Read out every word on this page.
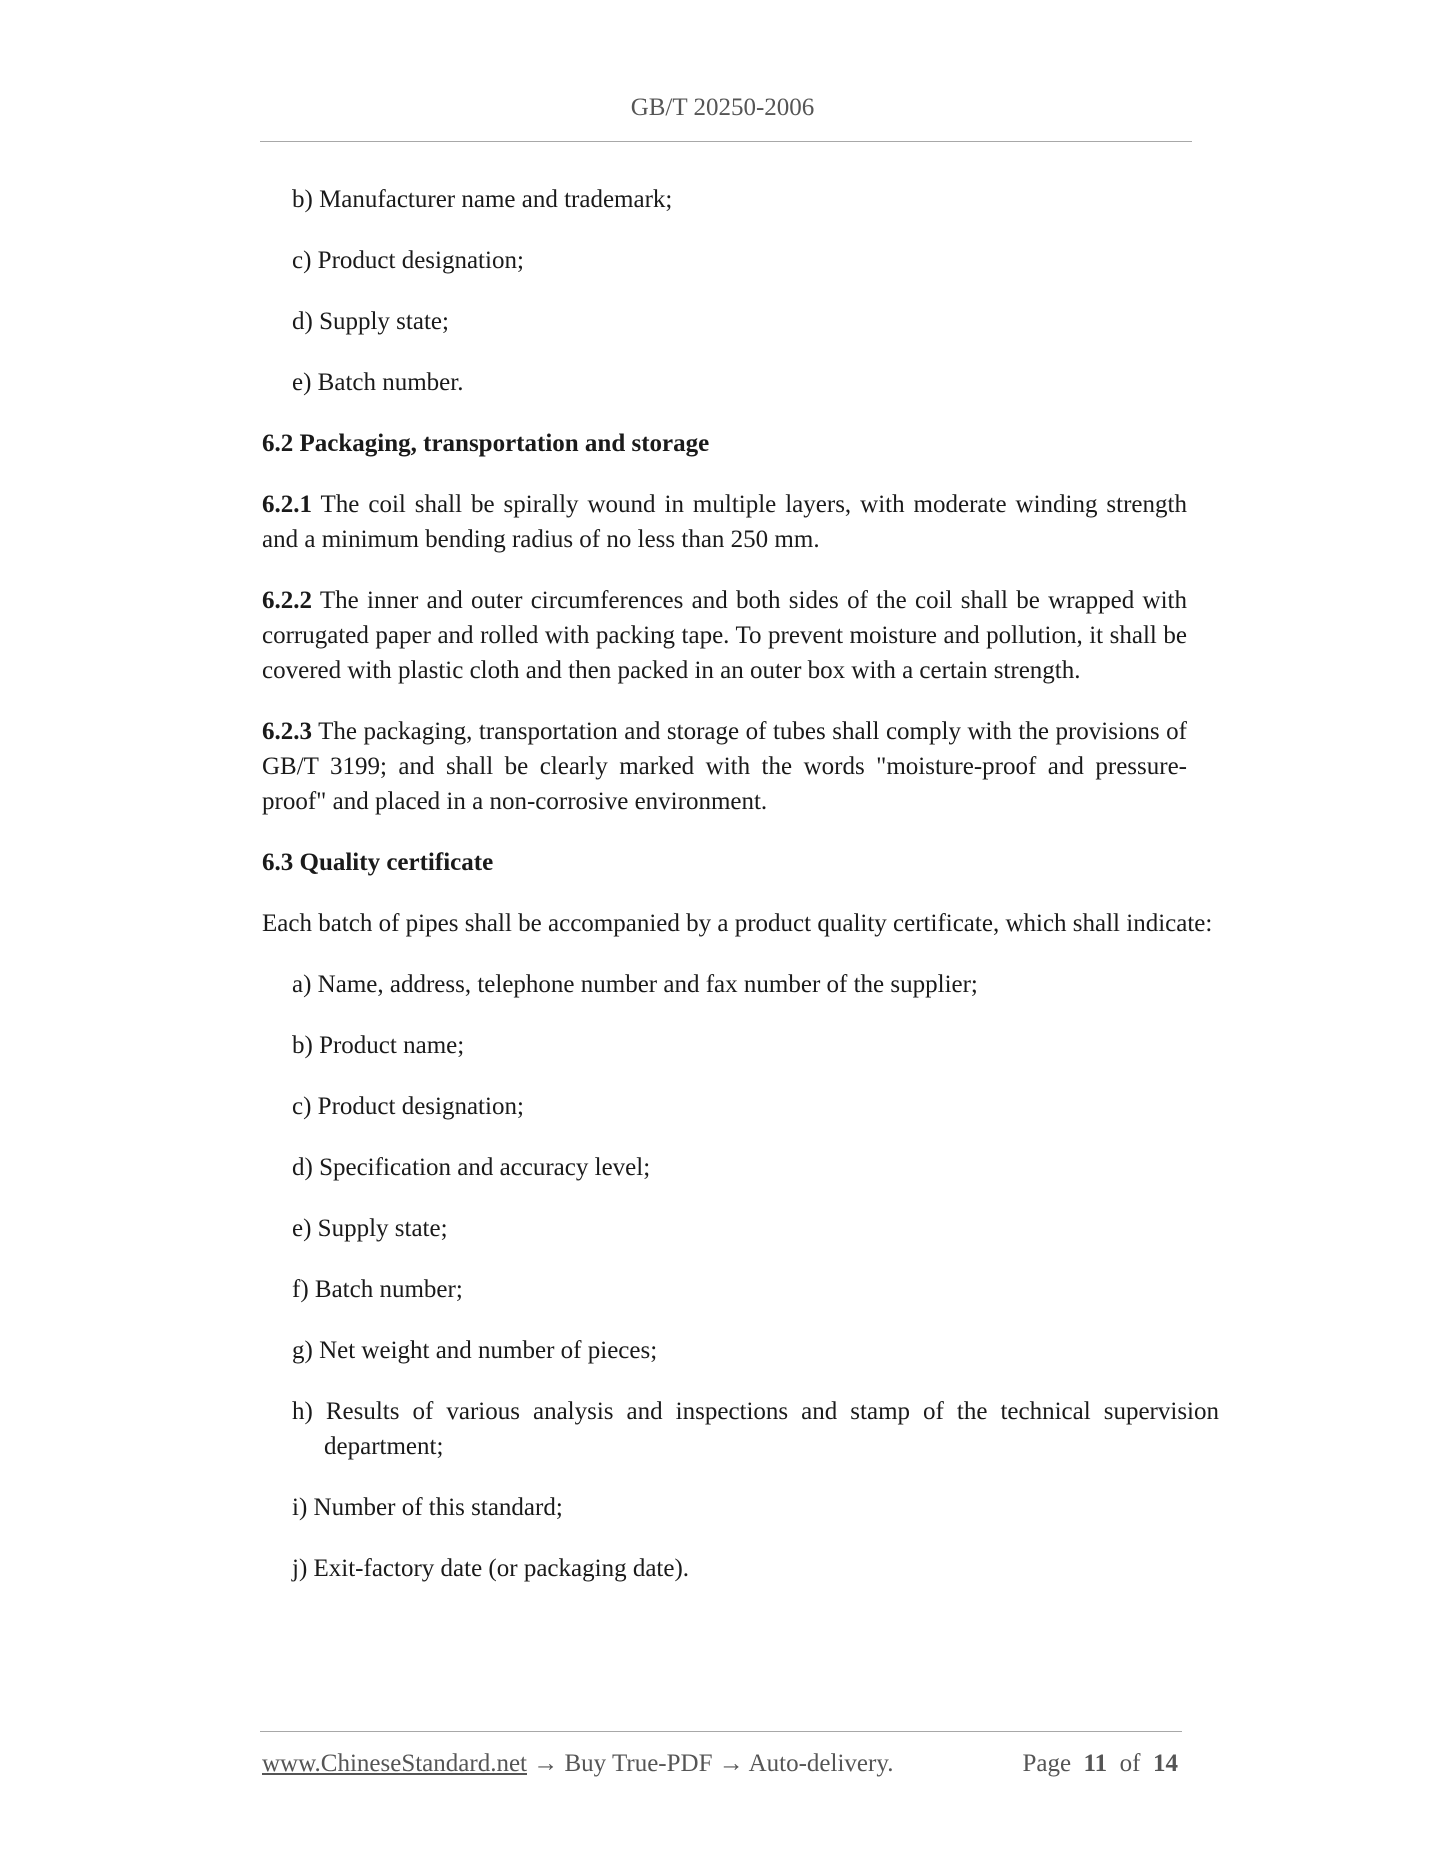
GB/T 20250-2006

b) Manufacturer name and trademark;

c) Product designation;

d) Supply state;

e) Batch number.

6.2 Packaging, transportation and storage

6.2.1 The coil shall be spirally wound in multiple layers, with moderate winding strength and a minimum bending radius of no less than 250 mm.

6.2.2 The inner and outer circumferences and both sides of the coil shall be wrapped with corrugated paper and rolled with packing tape. To prevent moisture and pollution, it shall be covered with plastic cloth and then packed in an outer box with a certain strength.

6.2.3 The packaging, transportation and storage of tubes shall comply with the provisions of GB/T 3199; and shall be clearly marked with the words "moisture-proof and pressure-proof" and placed in a non-corrosive environment.

6.3 Quality certificate

Each batch of pipes shall be accompanied by a product quality certificate, which shall indicate:

a) Name, address, telephone number and fax number of the supplier;

b) Product name;

c) Product designation;

d) Specification and accuracy level;

e) Supply state;

f) Batch number;

g) Net weight and number of pieces;

h) Results of various analysis and inspections and stamp of the technical supervision department;

i) Number of this standard;

j) Exit-factory date (or packaging date).

www.ChineseStandard.net → Buy True-PDF → Auto-delivery.	Page 11 of 14
